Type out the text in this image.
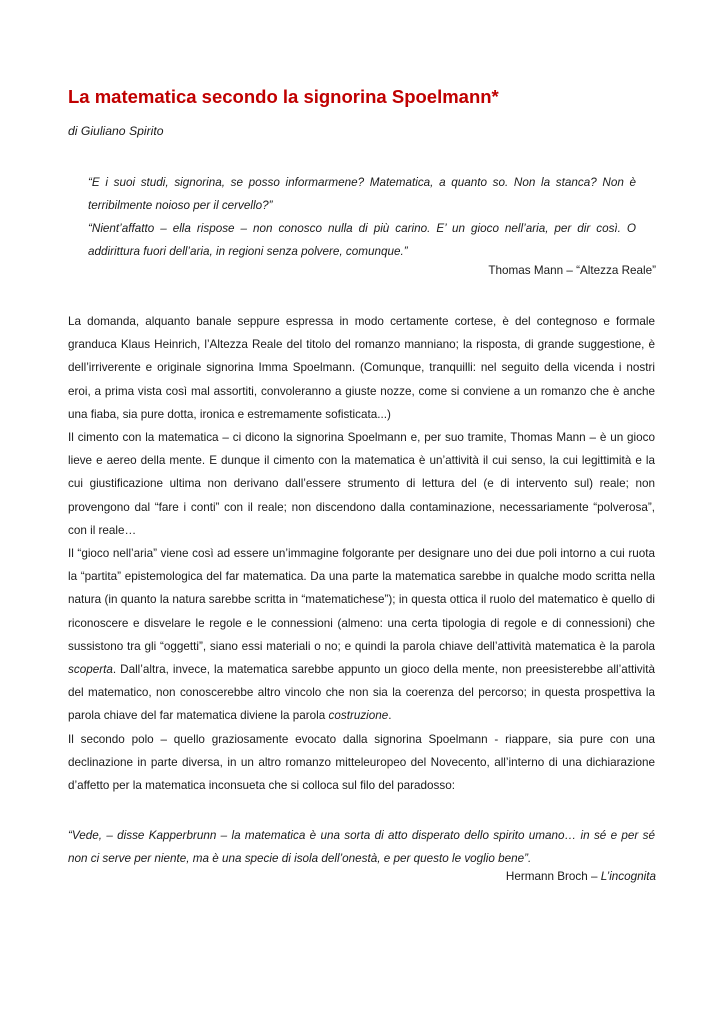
La matematica secondo la signorina Spoelmann*

di Giuliano Spirito

“E i suoi studi, signorina, se posso informarmene? Matematica, a quanto so. Non la stanca? Non è terribilmente noioso per il cervello?”

“Nient’affatto – ella rispose – non conosco nulla di più carino. E’ un gioco nell’aria, per dir così. O addirittura fuori dell’aria, in regioni senza polvere, comunque.”

Thomas Mann – “Altezza Reale”

La domanda, alquanto banale seppure espressa in modo certamente cortese, è del contegnoso e formale granduca Klaus Heinrich, l’Altezza Reale del titolo del romanzo manniano; la risposta, di grande suggestione, è dell’irriverente e originale signorina Imma Spoelmann. (Comunque, tranquilli: nel seguito della vicenda i nostri eroi, a prima vista così mal assortiti, convoleranno a giuste nozze, come si conviene a un romanzo che è anche una fiaba, sia pure dotta, ironica e estremamente sofisticata...)

Il cimento con la matematica – ci dicono la signorina Spoelmann e, per suo tramite, Thomas Mann – è un gioco lieve e aereo della mente. E dunque il cimento con la matematica è un’attività il cui senso, la cui legittimità e la cui giustificazione ultima non derivano dall’essere strumento di lettura del (e di intervento sul) reale; non provengono dal “fare i conti” con il reale; non discendono dalla contaminazione, necessariamente “polverosa”, con il reale…

Il “gioco nell’aria” viene così ad essere un’immagine folgorante per designare uno dei due poli intorno a cui ruota la “partita” epistemologica del far matematica. Da una parte la matematica sarebbe in qualche modo scritta nella natura (in quanto la natura sarebbe scritta in “matematichese”); in questa ottica il ruolo del matematico è quello di riconoscere e disvelare le regole e le connessioni (almeno: una certa tipologia di regole e di connessioni) che sussistono tra gli “oggetti”, siano essi materiali o no; e quindi la parola chiave dell’attività matematica è la parola scoperta. Dall’altra, invece, la matematica sarebbe appunto un gioco della mente, non preesisterebbe all’attività del matematico, non conoscerebbe altro vincolo che non sia la coerenza del percorso; in questa prospettiva la parola chiave del far matematica diviene la parola costruzione.

Il secondo polo – quello graziosamente evocato dalla signorina Spoelmann - riappare, sia pure con una declinazione in parte diversa, in un altro romanzo mitteleuropeo del Novecento, all’interno di una dichiarazione d’affetto per la matematica inconsueta che si colloca sul filo del paradosso:

“Vede, – disse Kapperbrunn – la matematica è una sorta di atto disperato dello spirito umano… in sé e per sé non ci serve per niente, ma è una specie di isola dell’onestà, e per questo le voglio bene”.

Hermann Broch – L’incognita
